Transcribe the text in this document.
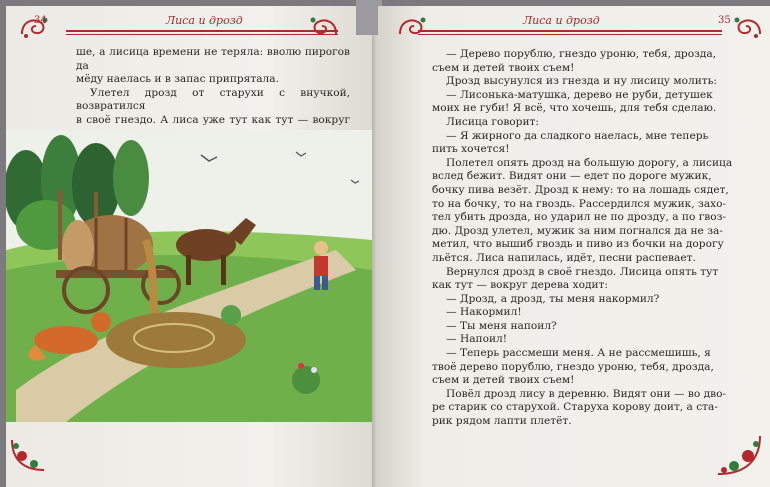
34	Лиса и дрозд

ше, а лисица времени не теряла: вволю пирогов да
мёду наелась и в запас припрятала.

Улетел дрозд от старухи с внучкой, возвратился
в своё гнездо. А лиса уже тут как тут — вокруг

Лиса и дрозд	35

— Дерево порублю, гнездо уроню, тебя, дрозда,
съем и детей твоих съем!

Дрозд высунулся из гнезда и ну лисицу молить:

— Лисонька-матушка, дерево не руби, детушек
моих не губи! Я всё, что хочешь, для тебя сделаю.

Лисица говорит:

— Я жирного да сладкого наелась, мне теперь
пить хочется!

Полетел опять дрозд на большую дорогу, а лисица
вслед бежит. Видят они — едет по дороге мужик,
бочку пива везёт. Дрозд к нему: то на лошадь сядет,
то на бочку, то на гвоздь. Рассердился мужик, захо-
тел убить дрозда, но ударил не по дрозду, а по гвоз-
дю. Дрозд улетел, мужик за ним погнался да не за-
метил, что вышиб гвоздь и пиво из бочки на дорогу
льётся. Лиса напилась, идёт, песни распевает.

Вернулся дрозд в своё гнездо. Лисица опять тут
как тут — вокруг дерева ходит:

— Дрозд, а дрозд, ты меня накормил?

— Накормил!

— Ты меня напоил?

— Напоил!

— Теперь рассмеши меня. А не рассмешишь, я
твоё дерево порублю, гнездо уроню, тебя, дрозда,
съем и детей твоих съем!

Повёл дрозд лису в деревню. Видят они — во дво-
ре старик со старухой. Старуха корову доит, а ста-
рик рядом лапти плетёт.
